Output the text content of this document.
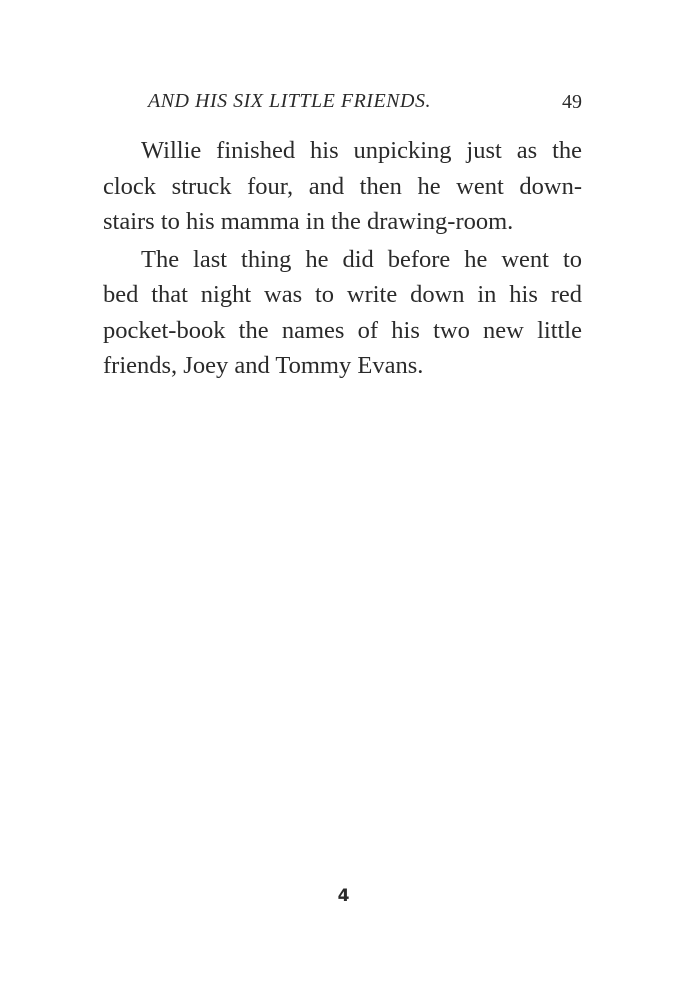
AND HIS SIX LITTLE FRIENDS.	49
Willie finished his unpicking just as the
clock struck four, and then he went down-
stairs to his mamma in the drawing-room.
The last thing he did before he went to
bed that night was to write down in his red
pocket-book the names of his two new little
friends, Joey and Tommy Evans.
4
